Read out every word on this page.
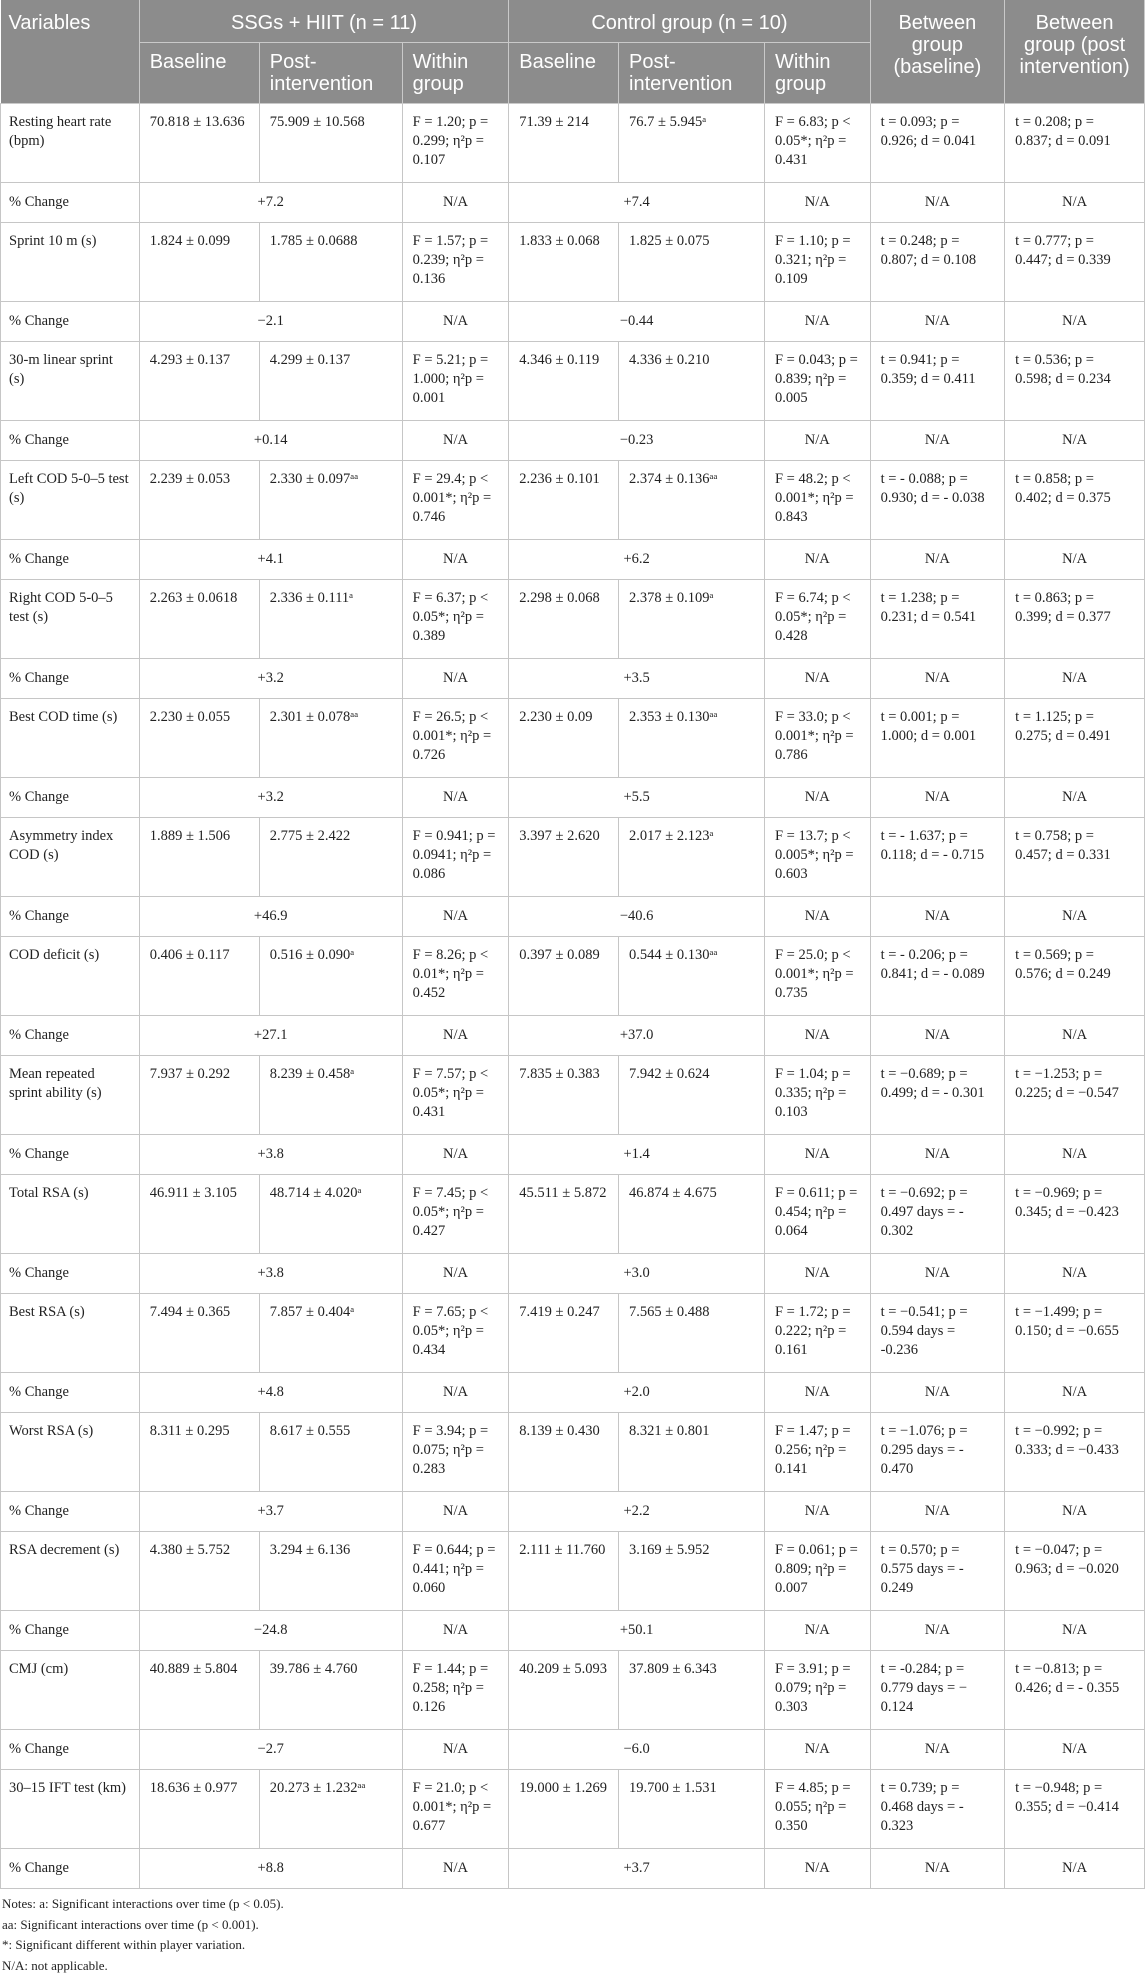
Variables	SSGs + HIIT (n = 11)			Control group (n = 10)			Between group (baseline)	Between group (post intervention)
	Baseline	Post-intervention	Within group	Baseline	Post-intervention	Within group		
Resting heart rate (bpm)	70.818 ± 13.636	75.909 ± 10.568	F = 1.20; p = 0.299; η²p = 0.107	71.39 ± 214	76.7 ± 5.945ᵃ	F = 6.83; p < 0.05*; η²p = 0.431	t = 0.093; p = 0.926; d = 0.041	t = 0.208; p = 0.837; d = 0.091
% Change	+7.2		N/A	+7.4		N/A	N/A	N/A
Sprint 10 m (s)	1.824 ± 0.099	1.785 ± 0.0688	F = 1.57; p = 0.239; η²p = 0.136	1.833 ± 0.068	1.825 ± 0.075	F = 1.10; p = 0.321; η²p = 0.109	t = 0.248; p = 0.807; d = 0.108	t = 0.777; p = 0.447; d = 0.339
% Change	−2.1		N/A	−0.44		N/A	N/A	N/A
30-m linear sprint (s)	4.293 ± 0.137	4.299 ± 0.137	F = 5.21; p = 1.000; η²p = 0.001	4.346 ± 0.119	4.336 ± 0.210	F = 0.043; p = 0.839; η²p = 0.005	t = 0.941; p = 0.359; d = 0.411	t = 0.536; p = 0.598; d = 0.234
% Change	+0.14		N/A	−0.23		N/A	N/A	N/A
Left COD 5-0–5 test (s)	2.239 ± 0.053	2.330 ± 0.097ᵃᵃ	F = 29.4; p < 0.001*; η²p = 0.746	2.236 ± 0.101	2.374 ± 0.136ᵃᵃ	F = 48.2; p < 0.001*; η²p = 0.843	t = - 0.088; p = 0.930; d = - 0.038	t = 0.858; p = 0.402; d = 0.375
% Change	+4.1		N/A	+6.2		N/A	N/A	N/A
Right COD 5-0–5 test (s)	2.263 ± 0.0618	2.336 ± 0.111ᵃ	F = 6.37; p < 0.05*; η²p = 0.389	2.298 ± 0.068	2.378 ± 0.109ᵃ	F = 6.74; p < 0.05*; η²p = 0.428	t = 1.238; p = 0.231; d = 0.541	t = 0.863; p = 0.399; d = 0.377
% Change	+3.2		N/A	+3.5		N/A	N/A	N/A
Best COD time (s)	2.230 ± 0.055	2.301 ± 0.078ᵃᵃ	F = 26.5; p < 0.001*; η²p = 0.726	2.230 ± 0.09	2.353 ± 0.130ᵃᵃ	F = 33.0; p < 0.001*; η²p = 0.786	t = 0.001; p = 1.000; d = 0.001	t = 1.125; p = 0.275; d = 0.491
% Change	+3.2		N/A	+5.5		N/A	N/A	N/A
Asymmetry index COD (s)	1.889 ± 1.506	2.775 ± 2.422	F = 0.941; p = 0.0941; η²p = 0.086	3.397 ± 2.620	2.017 ± 2.123ᵃ	F = 13.7; p < 0.005*; η²p = 0.603	t = - 1.637; p = 0.118; d = - 0.715	t = 0.758; p = 0.457; d = 0.331
% Change	+46.9		N/A	−40.6		N/A	N/A	N/A
COD deficit (s)	0.406 ± 0.117	0.516 ± 0.090ᵃ	F = 8.26; p < 0.01*; η²p = 0.452	0.397 ± 0.089	0.544 ± 0.130ᵃᵃ	F = 25.0; p < 0.001*; η²p = 0.735	t = - 0.206; p = 0.841; d = - 0.089	t = 0.569; p = 0.576; d = 0.249
% Change	+27.1		N/A	+37.0		N/A	N/A	N/A
Mean repeated sprint ability (s)	7.937 ± 0.292	8.239 ± 0.458ᵃ	F = 7.57; p < 0.05*; η²p = 0.431	7.835 ± 0.383	7.942 ± 0.624	F = 1.04; p = 0.335; η²p = 0.103	t = −0.689; p = 0.499; d = - 0.301	t = −1.253; p = 0.225; d = −0.547
% Change	+3.8		N/A	+1.4		N/A	N/A	N/A
Total RSA (s)	46.911 ± 3.105	48.714 ± 4.020ᵃ	F = 7.45; p < 0.05*; η²p = 0.427	45.511 ± 5.872	46.874 ± 4.675	F = 0.611; p = 0.454; η²p = 0.064	t = −0.692; p = 0.497 days = - 0.302	t = −0.969; p = 0.345; d = −0.423
% Change	+3.8		N/A	+3.0		N/A	N/A	N/A
Best RSA (s)	7.494 ± 0.365	7.857 ± 0.404ᵃ	F = 7.65; p < 0.05*; η²p = 0.434	7.419 ± 0.247	7.565 ± 0.488	F = 1.72; p = 0.222; η²p = 0.161	t = −0.541; p = 0.594 days = -0.236	t = −1.499; p = 0.150; d = −0.655
% Change	+4.8		N/A	+2.0		N/A	N/A	N/A
Worst RSA (s)	8.311 ± 0.295	8.617 ± 0.555	F = 3.94; p = 0.075; η²p = 0.283	8.139 ± 0.430	8.321 ± 0.801	F = 1.47; p = 0.256; η²p = 0.141	t = −1.076; p = 0.295 days = - 0.470	t = −0.992; p = 0.333; d = −0.433
% Change	+3.7		N/A	+2.2		N/A	N/A	N/A
RSA decrement (s)	4.380 ± 5.752	3.294 ± 6.136	F = 0.644; p = 0.441; η²p = 0.060	2.111 ± 11.760	3.169 ± 5.952	F = 0.061; p = 0.809; η²p = 0.007	t = 0.570; p = 0.575 days = - 0.249	t = −0.047; p = 0.963; d = −0.020
% Change	−24.8		N/A	+50.1		N/A	N/A	N/A
CMJ (cm)	40.889 ± 5.804	39.786 ± 4.760	F = 1.44; p = 0.258; η²p = 0.126	40.209 ± 5.093	37.809 ± 6.343	F = 3.91; p = 0.079; η²p = 0.303	t = -0.284; p = 0.779 days = − 0.124	t = −0.813; p = 0.426; d = - 0.355
% Change	−2.7		N/A	−6.0		N/A	N/A	N/A
30–15 IFT test (km)	18.636 ± 0.977	20.273 ± 1.232ᵃᵃ	F = 21.0; p < 0.001*; η²p = 0.677	19.000 ± 1.269	19.700 ± 1.531	F = 4.85; p = 0.055; η²p = 0.350	t = 0.739; p = 0.468 days = - 0.323	t = −0.948; p = 0.355; d = −0.414
% Change	+8.8		N/A	+3.7		N/A	N/A	N/A
Notes: a: Significant interactions over time (p < 0.05).
aa: Significant interactions over time (p < 0.001).
*: Significant different within player variation.
N/A: not applicable.
